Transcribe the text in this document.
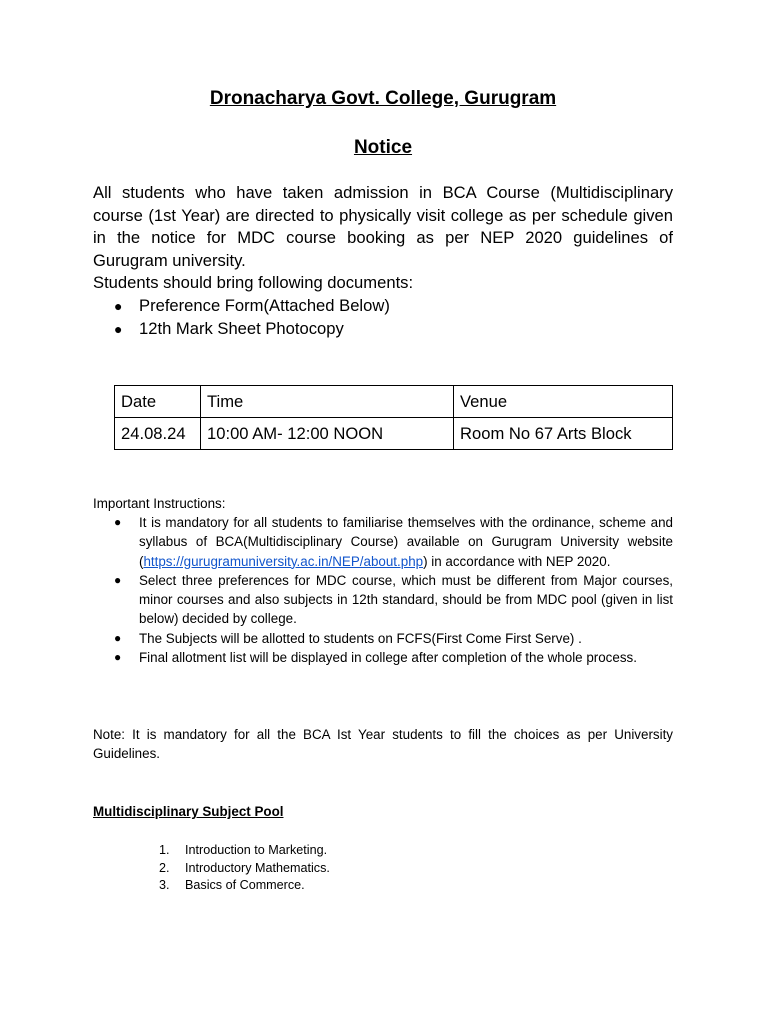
Dronacharya Govt. College, Gurugram
Notice

All students who have taken admission in BCA Course (Multidisciplinary course (1st Year) are directed to physically visit college as per schedule given in the notice for MDC course booking as per NEP 2020 guidelines of Gurugram university.

Students should bring following documents:

● Preference Form(Attached Below)
● 12th Mark Sheet Photocopy
Date	Time	Venue
24.08.24	10:00 AM- 12:00 NOON	Room No 67 Arts Block

Important Instructions:

● It is mandatory for all students to familiarise themselves with the ordinance, scheme and syllabus of BCA(Multidisciplinary Course) available on Gurugram University website (https://gurugramuniversity.ac.in/NEP/about.php) in accordance with NEP 2020.
● Select three preferences for MDC course, which must be different from Major courses, minor courses and also subjects in 12th standard, should be from MDC pool (given in list below) decided by college.
● The Subjects will be allotted to students on FCFS(First Come First Serve) .
● Final allotment list will be displayed in college after completion of the whole process.

Note: It is mandatory for all the BCA Ist Year students to fill the choices as per University Guidelines.

Multidisciplinary Subject Pool

1. Introduction to Marketing.
2. Introductory Mathematics.
3. Basics of Commerce.
